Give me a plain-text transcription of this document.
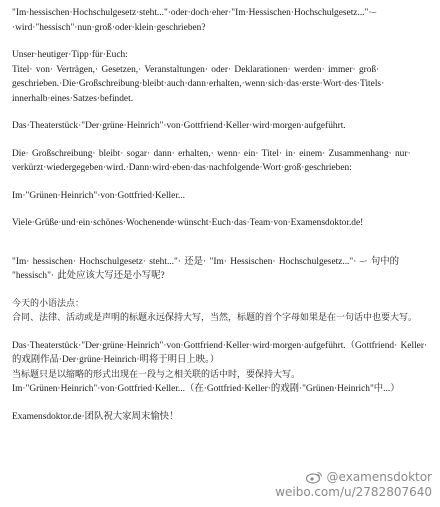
"Im·hessischen·Hochschulgesetz·steht..."·oder·doch·eher·"Im·Hessischen·Hochschulgesetz..."·–·wird·"hessisch"·nun·groß·oder·klein·geschrieben?

Unser·heutiger·Tipp·für·Euch:

Titel· von· Verträgen,· Gesetzen,· Veranstaltungen· oder· Deklarationen· werden· immer· groß· geschrieben.·Die·Großschreibung·bleibt·auch·dann·erhalten,·wenn·sich·das·erste·Wort·des·Titels· innerhalb·eines·Satzes·befindet.

Das·Theaterstück·"Der·grüne·Heinrich"·von·Gottfriend·Keller·wird·morgen·aufgeführt.

Die· Großschreibung· bleibt· sogar· dann· erhalten,· wenn· ein· Titel· in· einem· Zusammenhang· nur· verkürzt·wiedergegeben·wird.·Dann·wird·eben·das·nachfolgende·Wort·groß·geschrieben:

Im·"Grünen·Heinrich"·von·Gottfried·Keller...

Viele·Grüße·und·ein·schönes·Wochenende·wünscht·Euch·das·Team·von·Examensdoktor.de!

"Im· hessischen· Hochschulgesetz· steht..."· 还是· "Im· Hessischen· Hochschulgesetz..."· –· 句中的 "hessisch"· 此处应该大写还是小写呢?

今天的小语法点：

合同、法律、活动或是声明的标题永远保持大写，当然，标题的首个字母如果是在一句话中也要大写。

Das·Theaterstück·"Der·grüne·Heinrich"·von·Gottfriend·Keller·wird·morgen·aufgeführt.（Gottfriend· Keller·的戏剧作品·Der·grüne·Heinrich·明将于明日上映。）

当标题只是以缩略的形式出现在一段与之相关联的话中时，要保持大写。

Im·"Grünen·Heinrich"·von·Gottfried·Keller...（在·Gottfried·Keller·的戏剧·"Grünen·Heinrich"中...）

Examensdoktor.de·团队祝大家周末愉快！

@examensdoktor
weibo.com/u/2782807640
